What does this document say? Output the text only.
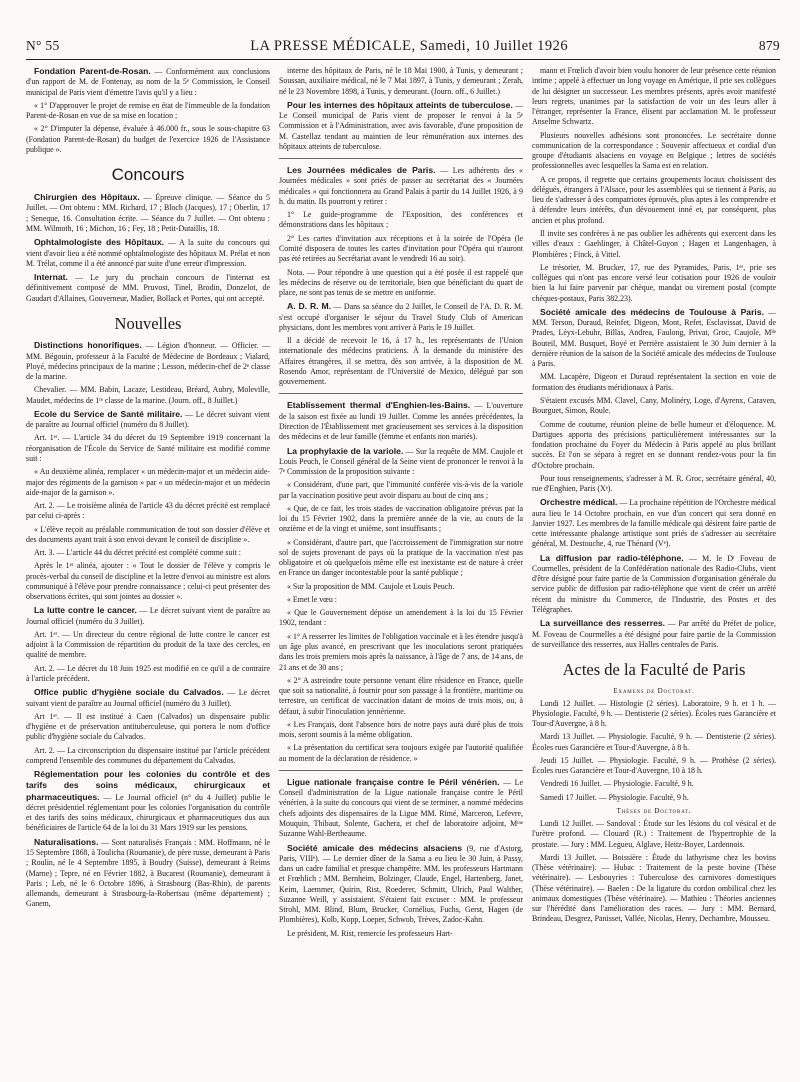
N° 55	LA PRESSE MÉDICALE, Samedi, 10 Juillet 1926	879

Fondation Parent-de-Rosan. — Conformément aux conclusions d'un rapport de M. de Fontenay, au nom de la 5ᵉ Commission, le Conseil municipal de Paris vient d'émettre l'avis qu'il y a lieu :

« 1° D'approuver le projet de remise en état de l'immeuble de la fondation Parent-de-Rosan en vue de sa mise en location ;

« 2° D'imputer la dépense, évaluée à 46.000 fr., sous le sous-chapitre 63 (Fondation Parent-de-Rosan) du budget de l'exercice 1926 de l'Assistance publique ».

Concours

Chirurgien des Hôpitaux. — Épreuve clinique. — Séance du 5 Juillet. — Ont obtenu : MM. Richard, 17 ; Bloch (Jacques), 17 ; Oberlin, 17 ; Seneque, 16. Consultation écrite. — Séance du 7 Juillet. — Ont obtenu : MM. Wilmoth, 16 ; Michon, 16 ; Fey, 18 ; Petit-Dutaillis, 18.

Ophtalmologiste des Hôpitaux. — A la suite du concours qui vient d'avoir lieu a été nommé ophtalmologiste des hôpitaux M. Prélat et non M. Trélat, comme il a été annoncé par suite d'une erreur d'impression.

Internat. — Le jury du prochain concours de l'internat est définitivement composé de MM. Pruvost, Tinel, Brodin, Donzelot, de Gaudart d'Allaines, Gouverneur, Madier, Bollack et Portes, qui ont accepté.

Nouvelles

Distinctions honorifiques. — Légion d'honneur. — Officier. — MM. Bégouin, professeur à la Faculté de Médecine de Bordeaux ; Vialard, Ployé, médecins principaux de la marine ; Lesson, médecin-chef de 2ᵉ classe de la marine.

Chevalier. — MM. Babin, Lacaze, Lestideau, Bréard, Aubry, Moleville, Maudet, médecins de 1ʳᵉ classe de la marine. (Journ. off., 8 Juillet.)

Ecole du Service de Santé militaire. — Le décret suivant vient de paraître au Journal officiel (numéro du 8 Juillet).

Art. 1ᵉʳ. — L'article 34 du décret du 19 Septembre 1919 concernant la réorganisation de l'École du Service de Santé militaire est modifié comme suit :

« Au deuxième alinéa, remplacer « un médecin-major et un médecin aide-major des régiments de la garnison » par « un médecin-major et un médecin aide-major de la garnison ».

Art. 2. — Le troisième alinéa de l'article 43 du décret précité est remplacé par celui ci-après :

« L'élève reçoit au préalable communication de tout son dossier d'élève et des documents ayant trait à son envoi devant le conseil de discipline ».

Art. 3. — L'article 44 du décret précité est complété comme suit :

Après le 1ᵉʳ alinéa, ajouter : « Tout le dossier de l'élève y compris le procès-verbal du conseil de discipline et la lettre d'envoi au ministre est alors communiqué à l'élève pour prendre connaissance ; celui-ci peut présenter des observations écrites, qui sont jointes au dossier ».

La lutte contre le cancer. — Le décret suivant vient de paraître au Journal officiel (numéro du 3 Juillet).

Art. 1ᵉʳ. — Un directeur du centre régional de lutte contre le cancer est adjoint à la Commission de répartition du produit de la taxe des cercles, en qualité de membre.

Art. 2. — Le décret du 18 Juin 1925 est modifié en ce qu'il a de contraire à l'article précédent.

Office public d'hygiène sociale du Calvados. — Le décret suivant vient de paraître au Journal officiel (numéro du 3 Juillet).

Art 1ᵉʳ. — Il est institué à Caen (Calvados) un dispensaire public d'hygiène et de préservation antituberculeuse, qui portera le nom d'office public d'hygiène sociale du Calvados.

Art. 2. — La circonscription du dispensaire institué par l'article précédent comprend l'ensemble des communes du département du Calvados.

Réglementation pour les colonies du contrôle et des tarifs des soins médicaux, chirurgicaux et pharmaceutiques. — Le Journal officiel (n° du 4 Juillet) publie le décret présidentiel réglementant pour les colonies l'organisation du contrôle et des tarifs des soins médicaux, chirurgicaux et pharmaceutiques dus aux bénéficiaires de l'article 64 de la loi du 31 Mars 1919 sur les pensions.

Naturalisations. — Sont naturalisés Français : MM. Hoffmann, né le 15 Septembre 1868, à Toulicha (Roumanie), de père russe, demeurant à Paris ; Roulin, né le 4 Septembre 1895, à Boudry (Suisse), demeurant à Reims (Marne) ; Tepre, né en Février 1882, à Bucarest (Roumanie), demeurant à Paris ; Leb, né le 6 Octobre 1896, à Strasbourg (Bas-Rhin), de parents allemands, demeurant à Strasbourg-la-Robertsau (même département) ; Ganem,

interne des hôpitaux de Paris, né le 18 Mai 1900, à Tunis, y demeurant ; Soussan, auxiliaire médical, né le 7 Mai 1897, à Tunis, y demeurant ; Zerah, né le 23 Novembre 1898, à Tunis, y demeurant. (Journ. off., 6 Juillet.)

Pour les internes des hôpitaux atteints de tuberculose. — Le Conseil municipal de Paris vient de proposer le renvoi à la 5ᵉ Commission et à l'Administration, avec avis favorable, d'une proposition de M. Castellaz tendant au maintien de leur rémunération aux internes des hôpitaux atteints de tuberculose.

Les Journées médicales de Paris. — Les adhérents des « Journées médicales » sont priés de passer au secrétariat des « Journées médicales » qui fonctionnera au Grand Palais à partir du 14 Juillet 1926, à 9 h. du matin. Ils pourront y retirer :

1° Le guide-programme de l'Exposition, des conférences et démonstrations dans les hôpitaux ;

2° Les cartes d'invitation aux réceptions et à la soirée de l'Opéra (le Comité disposera de toutes les cartes d'invitation pour l'Opéra qui n'auront pas été retirées au Secrétariat avant le vendredi 16 au soir).

Nota. — Pour répondre à une question qui a été posée il est rappelé que les médecins de réserve ou de territoriale, bien que bénéficiant du quart de place, ne sont pas tenus de se mettre en uniforme.

A. D. R. M. — Dans sa séance du 2 Juillet, le Conseil de l'A. D. R. M. s'est occupé d'organiser le séjour du Travel Study Club of American physicians, dont les membres vont arriver à Paris le 19 Juillet.

Il a décidé de recevoir le 16, à 17 h., les représentants de l'Union internationale des médecins praticiens. À la demande du ministère des Affaires étrangères, il se mettra, dès son arrivée, à la disposition de M. Rosendo Amor, représentant de l'Université de Mexico, délégué par son gouvernement.

Etablissement thermal d'Enghien-les-Bains. — L'ouverture de la saison est fixée au lundi 19 Juillet. Comme les années précédentes, la Direction de l'Établissement met gracieusement ses services à la disposition des médecins et de leur famille (femme et enfants non mariés).

La prophylaxie de la variole. — Sur la requête de MM. Caujole et Louis Peuch, le Conseil général de la Seine vient de prononcer le renvoi à la 7ᵉ Commission de la proposition suivante :

« Considérant, d'une part, que l'immunité conférée vis-à-vis de la variole par la vaccination positive peut avoir disparu au bout de cinq ans ;

« Que, de ce fait, les trois stades de vaccination obligatoire prévus par la loi du 15 Février 1902, dans la première année de la vie, au cours de la onzième et de la vingt et unième, sont insuffisants ;

« Considérant, d'autre part, que l'accroissement de l'immigration sur notre sol de sujets provenant de pays où la pratique de la vaccination n'est pas obligatoire et où quelquefois même elle est inexistante est de nature à créer en France un danger incontestable pour la santé publique ;

« Sur la proposition de MM. Caujole et Louis Peuch.

« Emet le vœu :

« Que le Gouvernement dépose un amendement à la loi du 15 Février 1902, tendant :

« 1° A resserrer les limites de l'obligation vaccinale et à les étendre jusqu'à un âge plus avancé, en prescrivant que les inoculations seront pratiquées dans les trois premiers mois après la naissance, à l'âge de 7 ans, de 14 ans, de 21 ans et de 30 ans ;

« 2° A astreindre toute personne venant élire résidence en France, quelle que soit sa nationalité, à fournir pour son passage à la frontière, maritime ou terrestre, un certificat de vaccination datant de moins de trois mois, ou, à défaut, à subir l'inoculation jennérienne.

« Les Français, dont l'absence hors de notre pays aura duré plus de trois mois, seront soumis à la même obligation.

« La présentation du certificat sera toujours exigée par l'autorité qualifiée au moment de la déclaration de résidence. »

Ligue nationale française contre le Péril vénérien. — Le Conseil d'administration de la Ligue nationale française contre le Péril vénérien, à la suite du concours qui vient de se terminer, a nommé médecins chefs adjoints des dispensaires de la Ligue MM. Rimé, Marceron, Lefevre, Mouquin, Thibaut, Solente, Gachera, et chef de laboratoire adjoint, Mᵐᵉ Suzanne Wahl-Bertheaume.

Société amicale des médecins alsaciens (9, rue d'Astorg, Paris, VIIIᵉ). — Le dernier dîner de la Sama a eu lieu le 30 Juin, à Passy, dans un cadre familial et presque champêtre. MM. les professeurs Hartmann et Frœhlich ; MM. Bernheim, Bolzinger, Claude, Engel, Hartenberg, Janet, Keim, Laemmer, Quirin, Rist, Roederer, Schmitt, Ulrich, Paul Walther, Suzanne Weill, y assistaient. S'étaient fait excuser : MM. le professeur Strohl, MM. Blind, Blum, Brucker, Cornélius, Fuchs, Gerst, Hagen (de Plombières), Kolb, Kopp, Loeper, Schwob, Trèves, Zadoc-Kahn.

Le président, M. Rist, remercie les professeurs Hart-

mann et Frœlich d'avoir bien voulu honorer de leur présence cette réunion intime ; appelé à effectuer un long voyage en Amérique, il prie ses collègues de lui désigner un successeur. Les membres présents, après avoir manifesté leurs regrets, unanimes par la satisfaction de voir un des leurs aller à l'étranger, représenter la France, élisent par acclamation M. le professeur Anselme Schwartz.

Plusieurs nouvelles adhésions sont prononcées. Le secrétaire donne communication de la correspondance : Souvenir affectueux et cordial d'un groupe d'étudiants alsaciens en voyage en Belgique ; lettres de sociétés professionnelles avec lesquelles la Sama est en relation.

A ce propos, il regrette que certains groupements locaux choisissent des délégués, étrangers à l'Alsace, pour les assemblées qui se tiennent à Paris, au lieu de s'adresser à des compatriotes éprouvés, plus aptes à les comprendre et à défendre leurs intérêts, d'un dévouement inné et, par conséquent, plus ancien et plus profond.

Il invite ses confrères à ne pas oublier les adhérents qui exercent dans les villes d'eaux : Gaehlinger, à Châtel-Guyon ; Hagen et Langenhagen, à Plombières ; Finck, à Vittel.

Le trésorier, M. Brucker, 17, rue des Pyramides, Paris, 1ᵉʳ, prie ses collègues qui n'ont pas encore versé leur cotisation pour 1926 de vouloir bien la lui faire parvenir par chèque, mandat ou virement postal (compte chèques-postaux, Paris 382.23).

Société amicale des médecins de Toulouse à Paris. — MM. Terson, Duraud, Reinfet, Digeon, Mont, Refet, Esclavissat, David de Prades, Léyx-Lebuhr, Billas, Andrea, Faulong, Privat, Groc, Caujole, Mˡˡᵉ Bouteil, MM. Busquet, Boyé et Perrière assistaient le 30 Juin dernier à la dernière réunion de la saison de la Société amicale des médecins de Toulouse à Paris.

MM. Lacapère, Digeon et Duraud représentaient la section en voie de formation des étudiants méridionaux à Paris.

S'étaient excusés MM. Clavel, Cany, Molinéry, Loge, d'Ayrenx, Caraven, Bourguet, Simon, Roule.

Comme de coutume, réunion pleine de belle humeur et d'éloquence. M. Dartigues apporta des précisions particulièrement intéressantes sur la fondation prochaine du Foyer du Médecin à Paris appelé au plus brillant succès. Et l'on se sépara à regret en se donnant rendez-vous pour la fin d'Octobre prochain.

Pour tous renseignements, s'adresser à M. R. Groc, secrétaire général, 40, rue d'Enghien, Paris (Xᵉ).

Orchestre médical. — La prochaine répétition de l'Orchestre médical aura lieu le 14 Octobre prochain, en vue d'un concert qui sera donné en Janvier 1927. Les membres de la famille médicale qui désirent faire partie de cette intéressante phalange artistique sont priés de s'adresser au secrétaire général, M. Destouche, 4, rue Thénard (Vᵉ).

La diffusion par radio-téléphone. — M. le Dʳ Foveau de Courmelles, président de la Confédération nationale des Radio-Clubs, vient d'être désigné pour faire partie de la Commission d'organisation générale du service public de diffusion par radio-téléphone que vient de créer un arrêté récent du ministre du Commerce, de l'Industrie, des Postes et des Télégraphes.

La surveillance des resserres. — Par arrêté du Préfet de police, M. Foveau de Courmelles a été désigné pour faire partie de la Commission de surveillance des resserres, aux Halles centrales de Paris.

Actes de la Faculté de Paris
Examens de Doctorat.

Lundi 12 Juillet. — Histologie (2 séries). Laboratoire, 9 h. et 1 h. — Physiologie. Faculté, 9 h. — Dentisterie (2 séries). Écoles rues Garancière et Tour-d'Auvergne, à 8 h.

Mardi 13 Juillet. — Physiologie. Faculté, 9 h. — Dentisterie (2 séries). Écoles rues Garancière et Tour-d'Auvergne, à 8 h.

Jeudi 15 Juillet. — Physiologie. Faculté, 9 h. — Prothèse (2 séries). Écoles rues Garancière et Tour-d'Auvergne, 10 à 18 h.

Vendredi 16 Juillet. — Physiologie. Faculté, 9 h.

Samedi 17 Juillet. — Physiologie. Faculté, 9 h.

Thèses de Doctorat.

Lundi 12 Juillet. — Sandoval : Étude sur les lésions du col vésical et de l'urètre profond. — Clouard (R.) : Traitement de l'hypertrophie de la prostate. — Jury : MM. Legueu, Alglave, Heitz-Boyer, Lardennois.

Mardi 13 Juillet. — Boissière : Étude du lathyrisme chez les bovins (Thèse vétérinaire). — Hubac : Traitement de la peste bovine (Thèse vétérinaire). — Lesbouyries : Tuberculose des carnivores domestiques (Thèse vétérinaire). — Baelen : De la ligature du cordon ombilical chez les animaux domestiques (Thèse vétérinaire). — Mathieu : Théories anciennes sur l'hérédité dans l'amélioration des races. — Jury : MM. Bernard, Brindeau, Desgrez, Panisset, Vallée, Nicolas, Henry, Dechambre, Mousseu.
